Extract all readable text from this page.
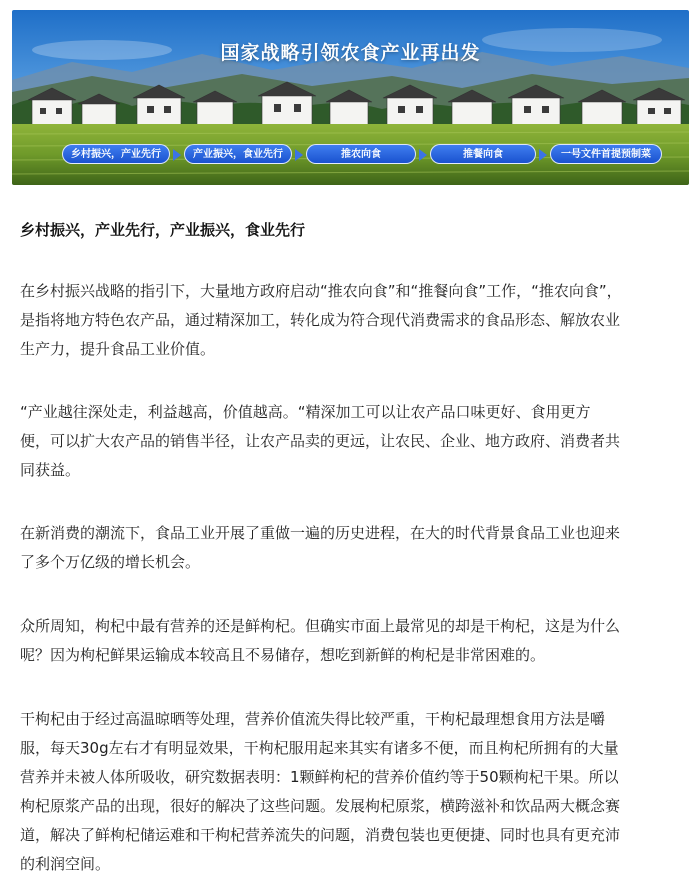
国家战略引领农食产业再出发
乡村振兴，产业先行	产业振兴，食业先行	推农向食	推餐向食	一号文件首提预制菜
乡村振兴，产业先行，产业振兴，食业先行
在乡村振兴战略的指引下，大量地方政府启动“推农向食”和“推餐向食”工作，“推农向食”，
是指将地方特色农产品，通过精深加工，转化成为符合现代消费需求的食品形态、解放农业
生产力，提升食品工业价值。
“产业越往深处走，利益越高，价值越高。“精深加工可以让农产品口味更好、食用更方
便，可以扩大农产品的销售半径，让农产品卖的更远，让农民、企业、地方政府、消费者共
同获益。
在新消费的潮流下，食品工业开展了重做一遍的历史进程，在大的时代背景食品工业也迎来
了多个万亿级的增长机会。
众所周知，枸杞中最有营养的还是鲜枸杞。但确实市面上最常见的却是干枸杞，这是为什么
呢？因为枸杞鲜果运输成本较高且不易储存，想吃到新鲜的枸杞是非常困难的。
干枸杞由于经过高温晾晒等处理，营养价值流失得比较严重，干枸杞最理想食用方法是嚼
服，每天30g左右才有明显效果，干枸杞服用起来其实有诸多不便，而且枸杞所拥有的大量
营养并未被人体所吸收，研究数据表明：1颗鲜枸杞的营养价值约等于50颗枸杞干果。所以
枸杞原浆产品的出现，很好的解决了这些问题。发展枸杞原浆，横跨滋补和饮品两大概念赛
道，解决了鲜枸杞储运难和干枸杞营养流失的问题，消费包装也更便捷、同时也具有更充沛
的利润空间。
